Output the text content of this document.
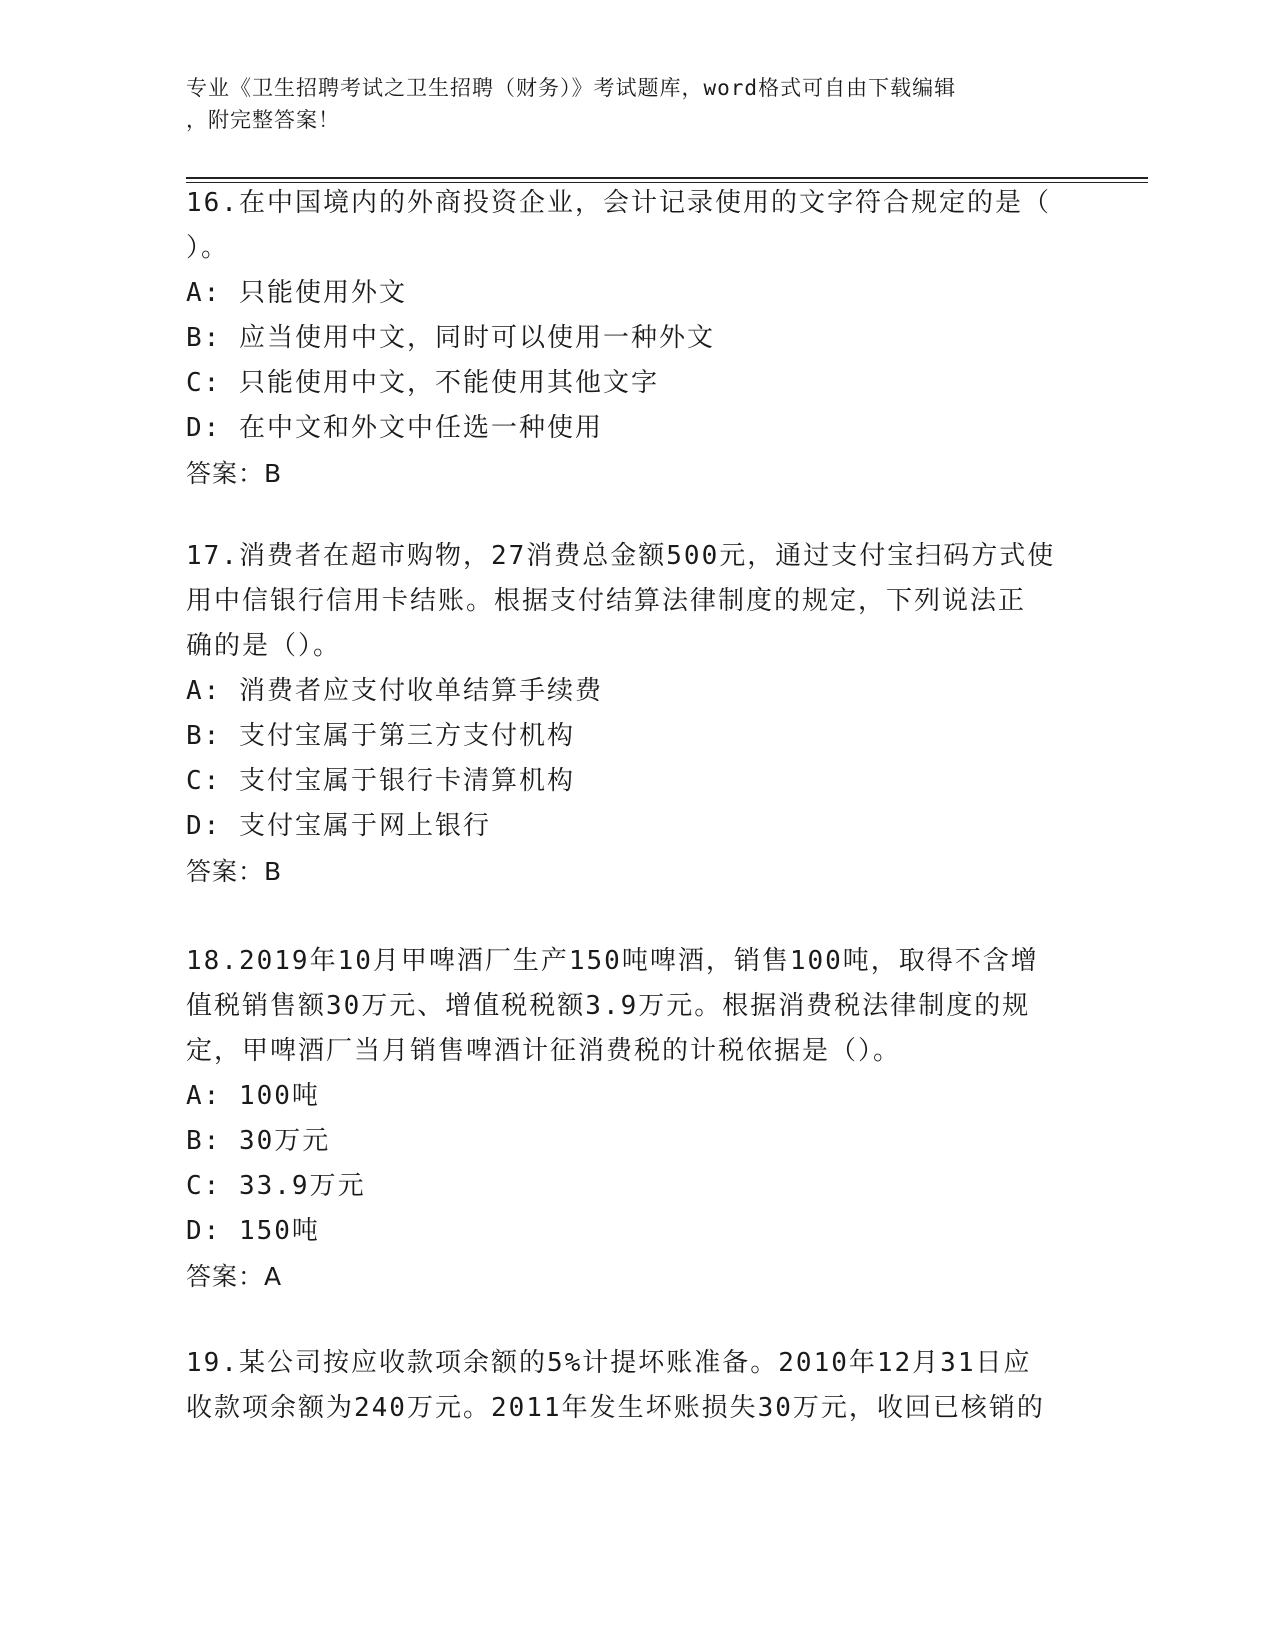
专业《卫生招聘考试之卫生招聘（财务）》考试题库，word格式可自由下载编辑
，附完整答案！
16.在中国境内的外商投资企业，会计记录使用的文字符合规定的是（
）。
A: 只能使用外文
B: 应当使用中文，同时可以使用一种外文
C: 只能使用中文，不能使用其他文字
D: 在中文和外文中任选一种使用
答案：B
17.消费者在超市购物，27消费总金额500元，通过支付宝扫码方式使
用中信银行信用卡结账。根据支付结算法律制度的规定，下列说法正
确的是（）。
A: 消费者应支付收单结算手续费
B: 支付宝属于第三方支付机构
C: 支付宝属于银行卡清算机构
D: 支付宝属于网上银行
答案：B
18.2019年10月甲啤酒厂生产150吨啤酒，销售100吨，取得不含增
值税销售额30万元、增值税税额3.9万元。根据消费税法律制度的规
定，甲啤酒厂当月销售啤酒计征消费税的计税依据是（）。
A: 100吨
B: 30万元
C: 33.9万元
D: 150吨
答案：A
19.某公司按应收款项余额的5%计提坏账准备。2010年12月31日应
收款项余额为240万元。2011年发生坏账损失30万元，收回已核销的
